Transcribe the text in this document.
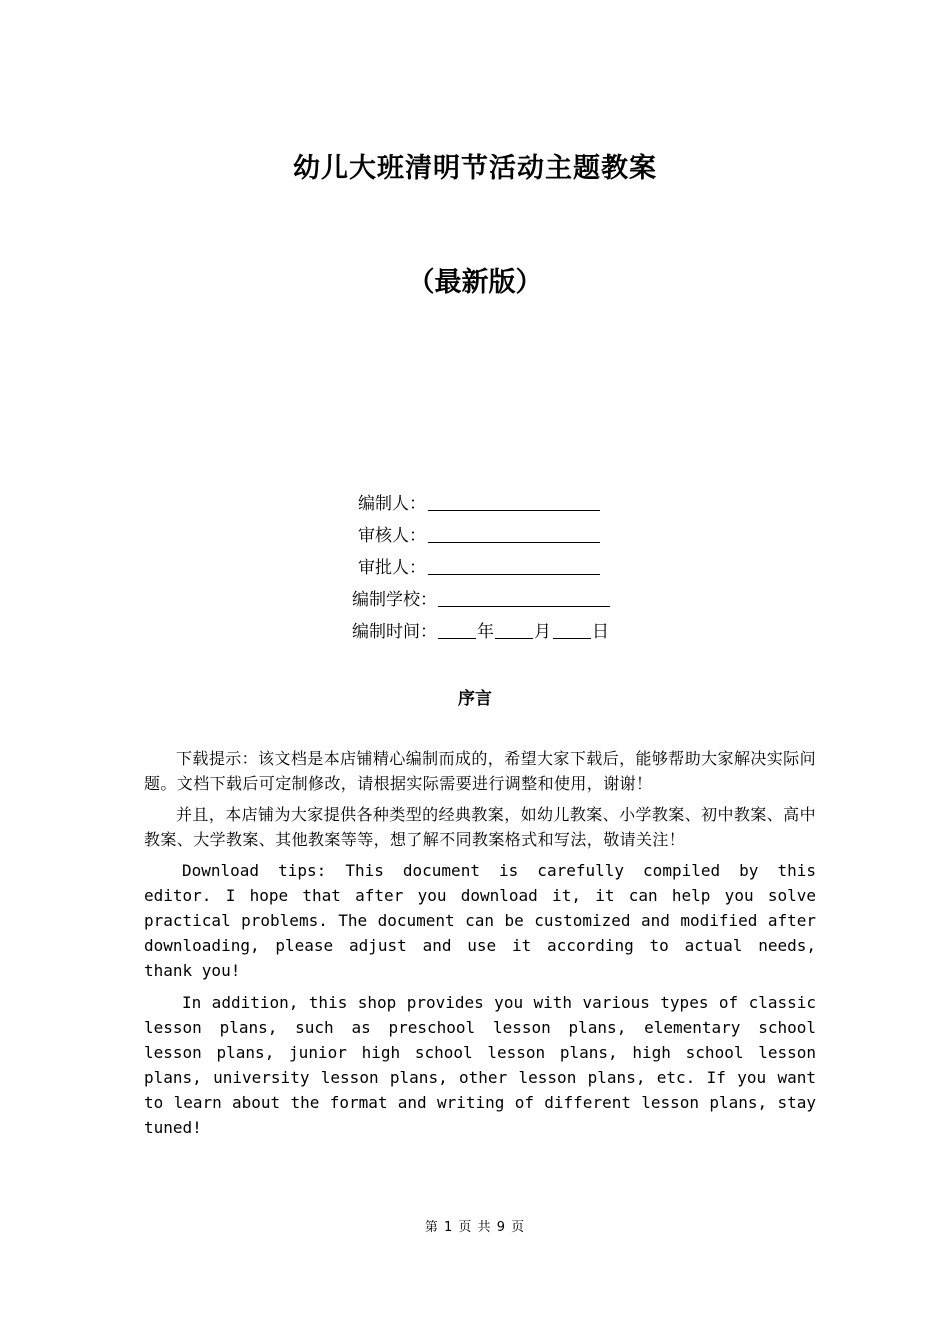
幼儿大班清明节活动主题教案
（最新版）
编制人：
审核人：
审批人：
编制学校：
编制时间： 年 月 日
序言

下载提示：该文档是本店铺精心编制而成的，希望大家下载后，能够帮助大家解决实际问题。文档下载后可定制修改，请根据实际需要进行调整和使用，谢谢！

并且，本店铺为大家提供各种类型的经典教案，如幼儿教案、小学教案、初中教案、高中教案、大学教案、其他教案等等，想了解不同教案格式和写法，敬请关注！

Download tips: This document is carefully compiled by this editor. I hope that after you download it, it can help you solve practical problems. The document can be customized and modified after downloading, please adjust and use it according to actual needs, thank you!

In addition, this shop provides you with various types of classic lesson plans, such as preschool lesson plans, elementary school lesson plans, junior high school lesson plans, high school lesson plans, university lesson plans, other lesson plans, etc. If you want to learn about the format and writing of different lesson plans, stay tuned!

第 1 页 共 9 页
